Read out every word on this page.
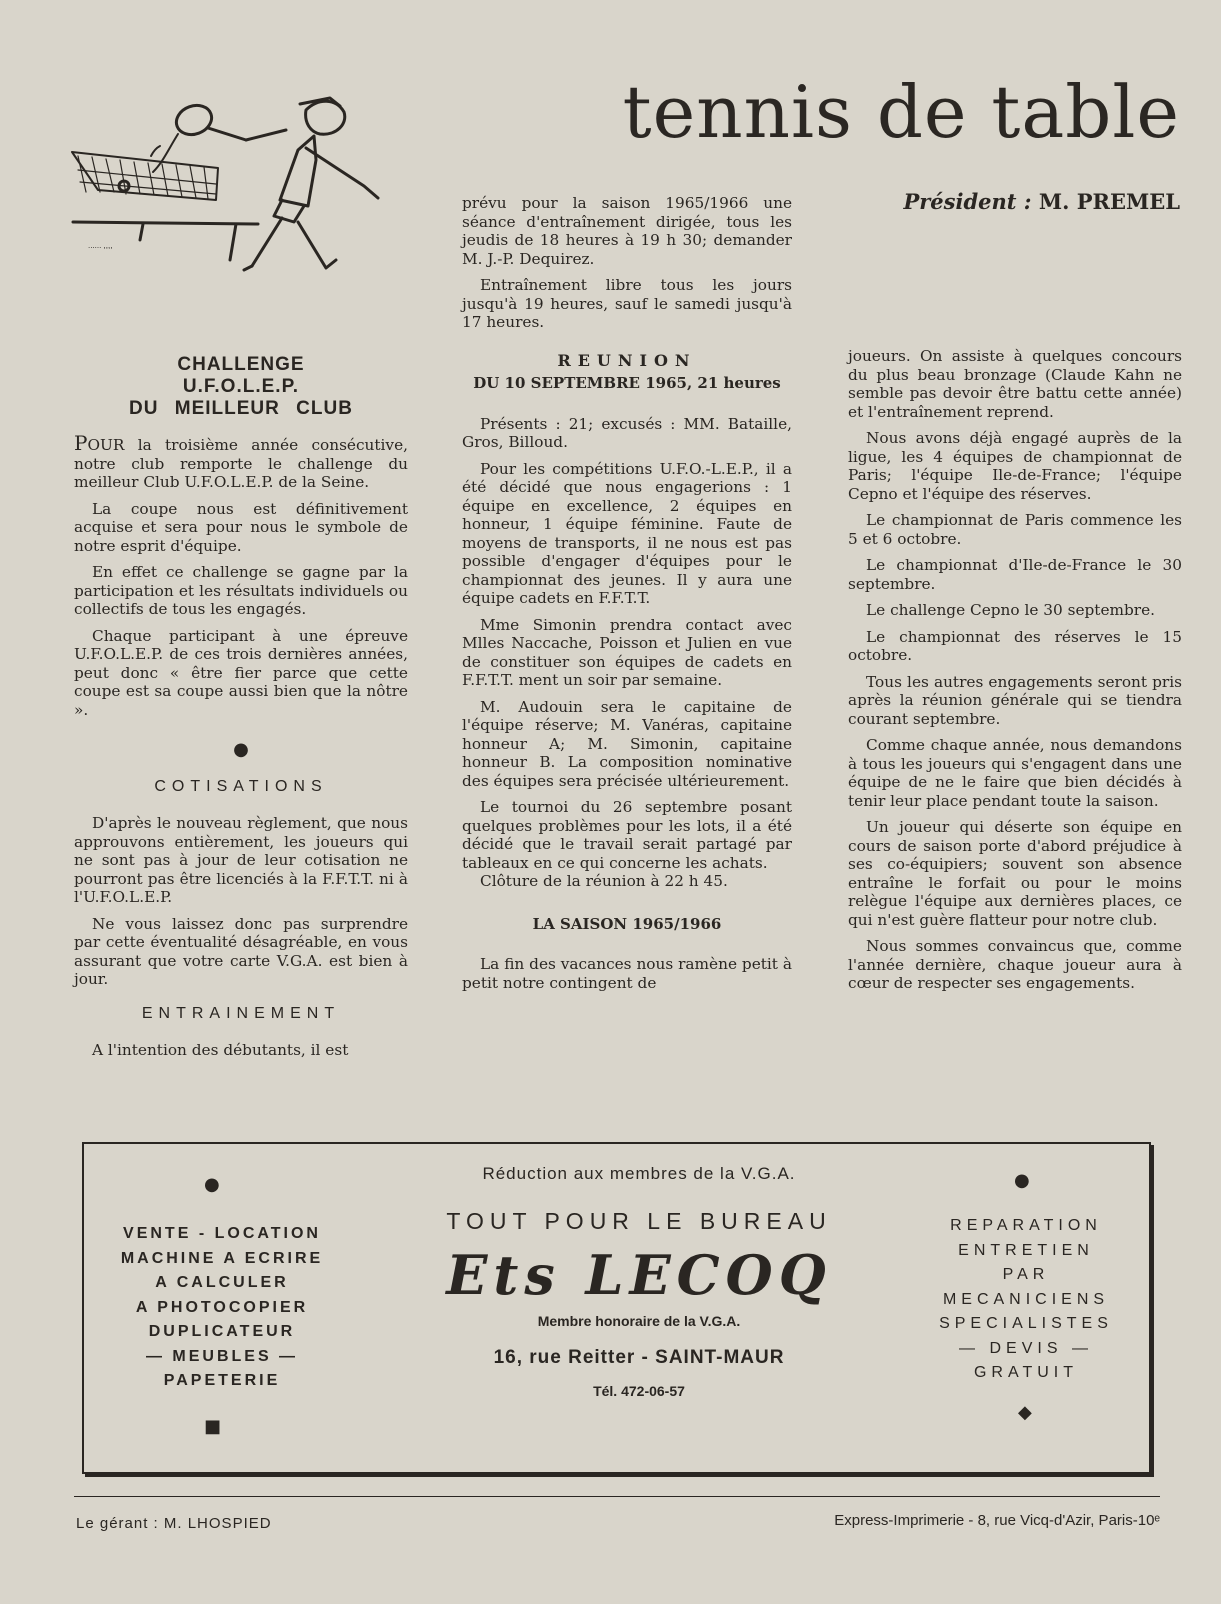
tennis de table
Président : M. PREMEL
...... ,,,,
CHALLENGE
U.F.O.L.E.P.
DU MEILLEUR CLUB

POUR la troisième année consécutive, notre club remporte le challenge du meilleur Club U.F.O.L.E.P. de la Seine.

La coupe nous est définitivement acquise et sera pour nous le symbole de notre esprit d'équipe.

En effet ce challenge se gagne par la participation et les résultats individuels ou collectifs de tous les engagés.

Chaque participant à une épreuve U.F.O.L.E.P. de ces trois dernières années, peut donc « être fier parce que cette coupe est sa coupe aussi bien que la nôtre ».

●
COTISATIONS

D'après le nouveau règlement, que nous approuvons entièrement, les joueurs qui ne sont pas à jour de leur cotisation ne pourront pas être licenciés à la F.F.T.T. ni à l'U.F.O.L.E.P.

Ne vous laissez donc pas surprendre par cette éventualité désagréable, en vous assurant que votre carte V.G.A. est bien à jour.

ENTRAINEMENT

A l'intention des débutants, il est

prévu pour la saison 1965/1966 une séance d'entraînement dirigée, tous les jeudis de 18 heures à 19 h 30; demander M. J.-P. Dequirez.

Entraînement libre tous les jours jusqu'à 19 heures, sauf le samedi jusqu'à 17 heures.

REUNION
DU 10 SEPTEMBRE 1965, 21 heures

Présents : 21; excusés : MM. Bataille, Gros, Billoud.

Pour les compétitions U.F.O.-L.E.P., il a été décidé que nous engagerions : 1 équipe en excellence, 2 équipes en honneur, 1 équipe féminine. Faute de moyens de transports, il ne nous est pas possible d'engager d'équipes pour le championnat des jeunes. Il y aura une équipe cadets en F.F.T.T.

Mme Simonin prendra contact avec Mlles Naccache, Poisson et Julien en vue de constituer son équipes de cadets en F.F.T.T. ment un soir par semaine.

M. Audouin sera le capitaine de l'équipe réserve; M. Vanéras, capitaine honneur A; M. Simonin, capitaine honneur B. La composition nominative des équipes sera précisée ultérieurement.

Le tournoi du 26 septembre posant quelques problèmes pour les lots, il a été décidé que le travail serait partagé par tableaux en ce qui concerne les achats.

Clôture de la réunion à 22 h 45.

LA SAISON 1965/1966

La fin des vacances nous ramène petit à petit notre contingent de

joueurs. On assiste à quelques concours du plus beau bronzage (Claude Kahn ne semble pas devoir être battu cette année) et l'entraînement reprend.

Nous avons déjà engagé auprès de la ligue, les 4 équipes de championnat de Paris; l'équipe Ile-de-France; l'équipe Cepno et l'équipe des réserves.

Le championnat de Paris commence les 5 et 6 octobre.

Le championnat d'Ile-de-France le 30 septembre.

Le challenge Cepno le 30 septembre.

Le championnat des réserves le 15 octobre.

Tous les autres engagements seront pris après la réunion générale qui se tiendra courant septembre.

Comme chaque année, nous demandons à tous les joueurs qui s'engagent dans une équipe de ne le faire que bien décidés à tenir leur place pendant toute la saison.

Un joueur qui déserte son équipe en cours de saison porte d'abord préjudice à ses co-équipiers; souvent son absence entraîne le forfait ou pour le moins relègue l'équipe aux dernières places, ce qui n'est guère flatteur pour notre club.

Nous sommes convaincus que, comme l'année dernière, chaque joueur aura à cœur de respecter ses engagements.

●	●
■
◆
VENTE - LOCATION
MACHINE A ECRIRE
A CALCULER
A PHOTOCOPIER
DUPLICATEUR
— MEUBLES —
PAPETERIE
Réduction aux membres de la V.G.A.
TOUT POUR LE BUREAU
Ets LECOQ
Membre honoraire de la V.G.A.
16, rue Reitter - SAINT-MAUR
Tél. 472-06-57
REPARATION
ENTRETIEN
PAR
MECANICIENS
SPECIALISTES
— DEVIS —
GRATUIT
Le gérant : M. LHOSPIED	Express-Imprimerie - 8, rue Vicq-d'Azir, Paris-10ᵉ
